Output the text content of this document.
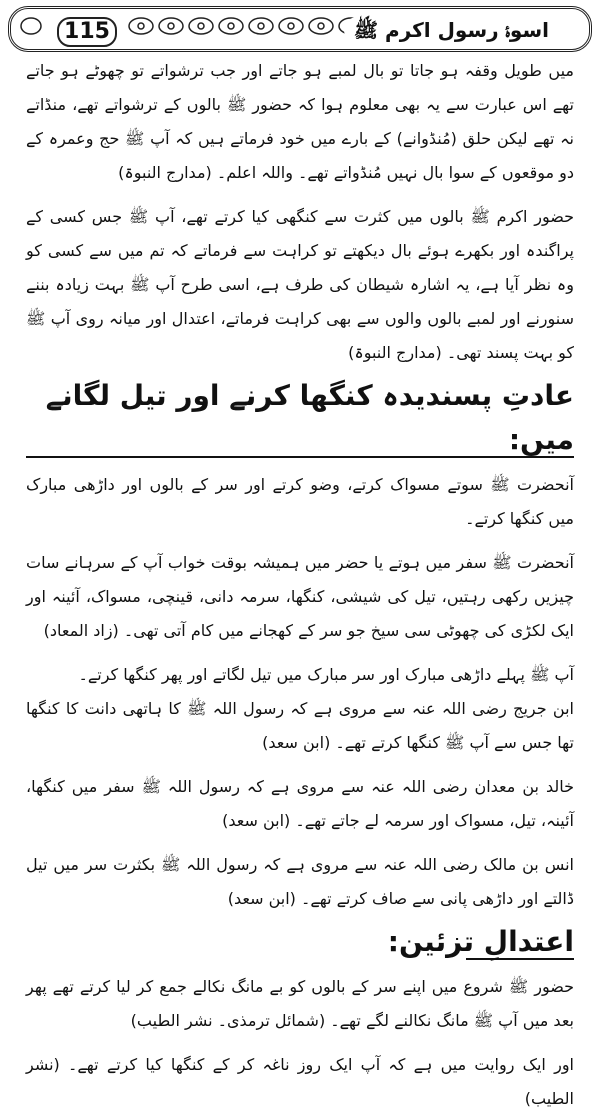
115	اسوۂ رسول اکرم ﷺ

میں طویل وقفہ ہو جاتا تو بال لمبے ہو جاتے اور جب ترشواتے تو چھوٹے ہو جاتے تھے اس عبارت سے یہ بھی معلوم ہوا کہ حضور ﷺ بالوں کے ترشواتے تھے، منڈاتے نہ تھے لیکن حلق (مُنڈوانے) کے بارے میں خود فرماتے ہیں کہ آپ ﷺ حج وعمرہ کے دو موقعوں کے سوا بال نہیں مُنڈواتے تھے۔ واللہ اعلم۔ (مدارج النبوۃ)

حضور اکرم ﷺ بالوں میں کثرت سے کنگھی کیا کرتے تھے، آپ ﷺ جس کسی کے پراگندہ اور بکھرے ہوئے بال دیکھتے تو کراہت سے فرماتے کہ تم میں سے کسی کو وہ نظر آیا ہے، یہ اشارہ شیطان کی طرف ہے، اسی طرح آپ ﷺ بہت زیادہ بننے سنورنے اور لمبے بالوں والوں سے بھی کراہت فرماتے، اعتدال اور میانہ روی آپ ﷺ کو بہت پسند تھی۔ (مدارج النبوۃ)

عادتِ پسندیدہ کنگھا کرنے اور تیل لگانے میں:

آنحضرت ﷺ سوتے مسواک کرتے، وضو کرتے اور سر کے بالوں اور داڑھی مبارک میں کنگھا کرتے۔

آنحضرت ﷺ سفر میں ہوتے یا حضر میں ہمیشہ بوقت خواب آپ کے سرہانے سات چیزیں رکھی رہتیں، تیل کی شیشی، کنگھا، سرمہ دانی، قینچی، مسواک، آئینہ اور ایک لکڑی کی چھوٹی سی سیخ جو سر کے کھجانے میں کام آتی تھی۔ (زاد المعاد)

آپ ﷺ پہلے داڑھی مبارک اور سر مبارک میں تیل لگاتے اور پھر کنگھا کرتے۔

ابن جریج رضی اللہ عنہ سے مروی ہے کہ رسول اللہ ﷺ کا ہاتھی دانت کا کنگھا تھا جس سے آپ ﷺ کنگھا کرتے تھے۔ (ابن سعد)

خالد بن معدان رضی اللہ عنہ سے مروی ہے کہ رسول اللہ ﷺ سفر میں کنگھا، آئینہ، تیل، مسواک اور سرمہ لے جاتے تھے۔ (ابن سعد)

انس بن مالک رضی اللہ عنہ سے مروی ہے کہ رسول اللہ ﷺ بکثرت سر میں تیل ڈالتے اور داڑھی پانی سے صاف کرتے تھے۔ (ابن سعد)

اعتدالِ تزئین:

حضور ﷺ شروع میں اپنے سر کے بالوں کو بے مانگ نکالے جمع کر لیا کرتے تھے پھر بعد میں آپ ﷺ مانگ نکالنے لگے تھے۔ (شمائل ترمذی۔ نشر الطیب)

اور ایک روایت میں ہے کہ آپ ایک روز ناغہ کر کے کنگھا کیا کرتے تھے۔ (نشر الطیب)
